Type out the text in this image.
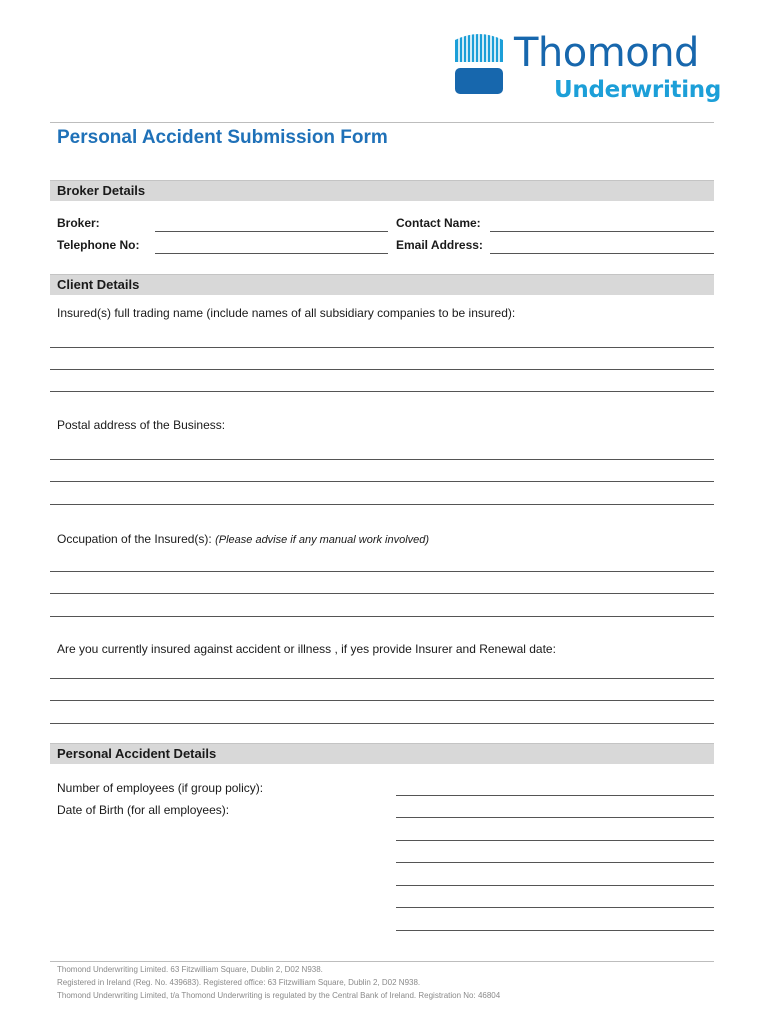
Thomond
Underwriting
Personal Accident Submission Form
Broker Details
Broker:	Contact Name:
Telephone No:	Email Address:
Client Details
Insured(s) full trading name (include names of all subsidiary companies to be insured):
Postal address of the Business:
Occupation of the Insured(s): (Please advise if any manual work involved)
Are you currently insured against accident or illness , if yes provide Insurer and Renewal date:
Personal Accident Details
Number of employees (if group policy):
Date of Birth (for all employees):
Thomond Underwriting Limited. 63 Fitzwilliam Square, Dublin 2, D02 N938.
Registered in Ireland (Reg. No. 439683). Registered office: 63 Fitzwilliam Square, Dublin 2, D02 N938.
Thomond Underwriting Limited, t/a Thomond Underwriting is regulated by the Central Bank of Ireland. Registration No: 46804
